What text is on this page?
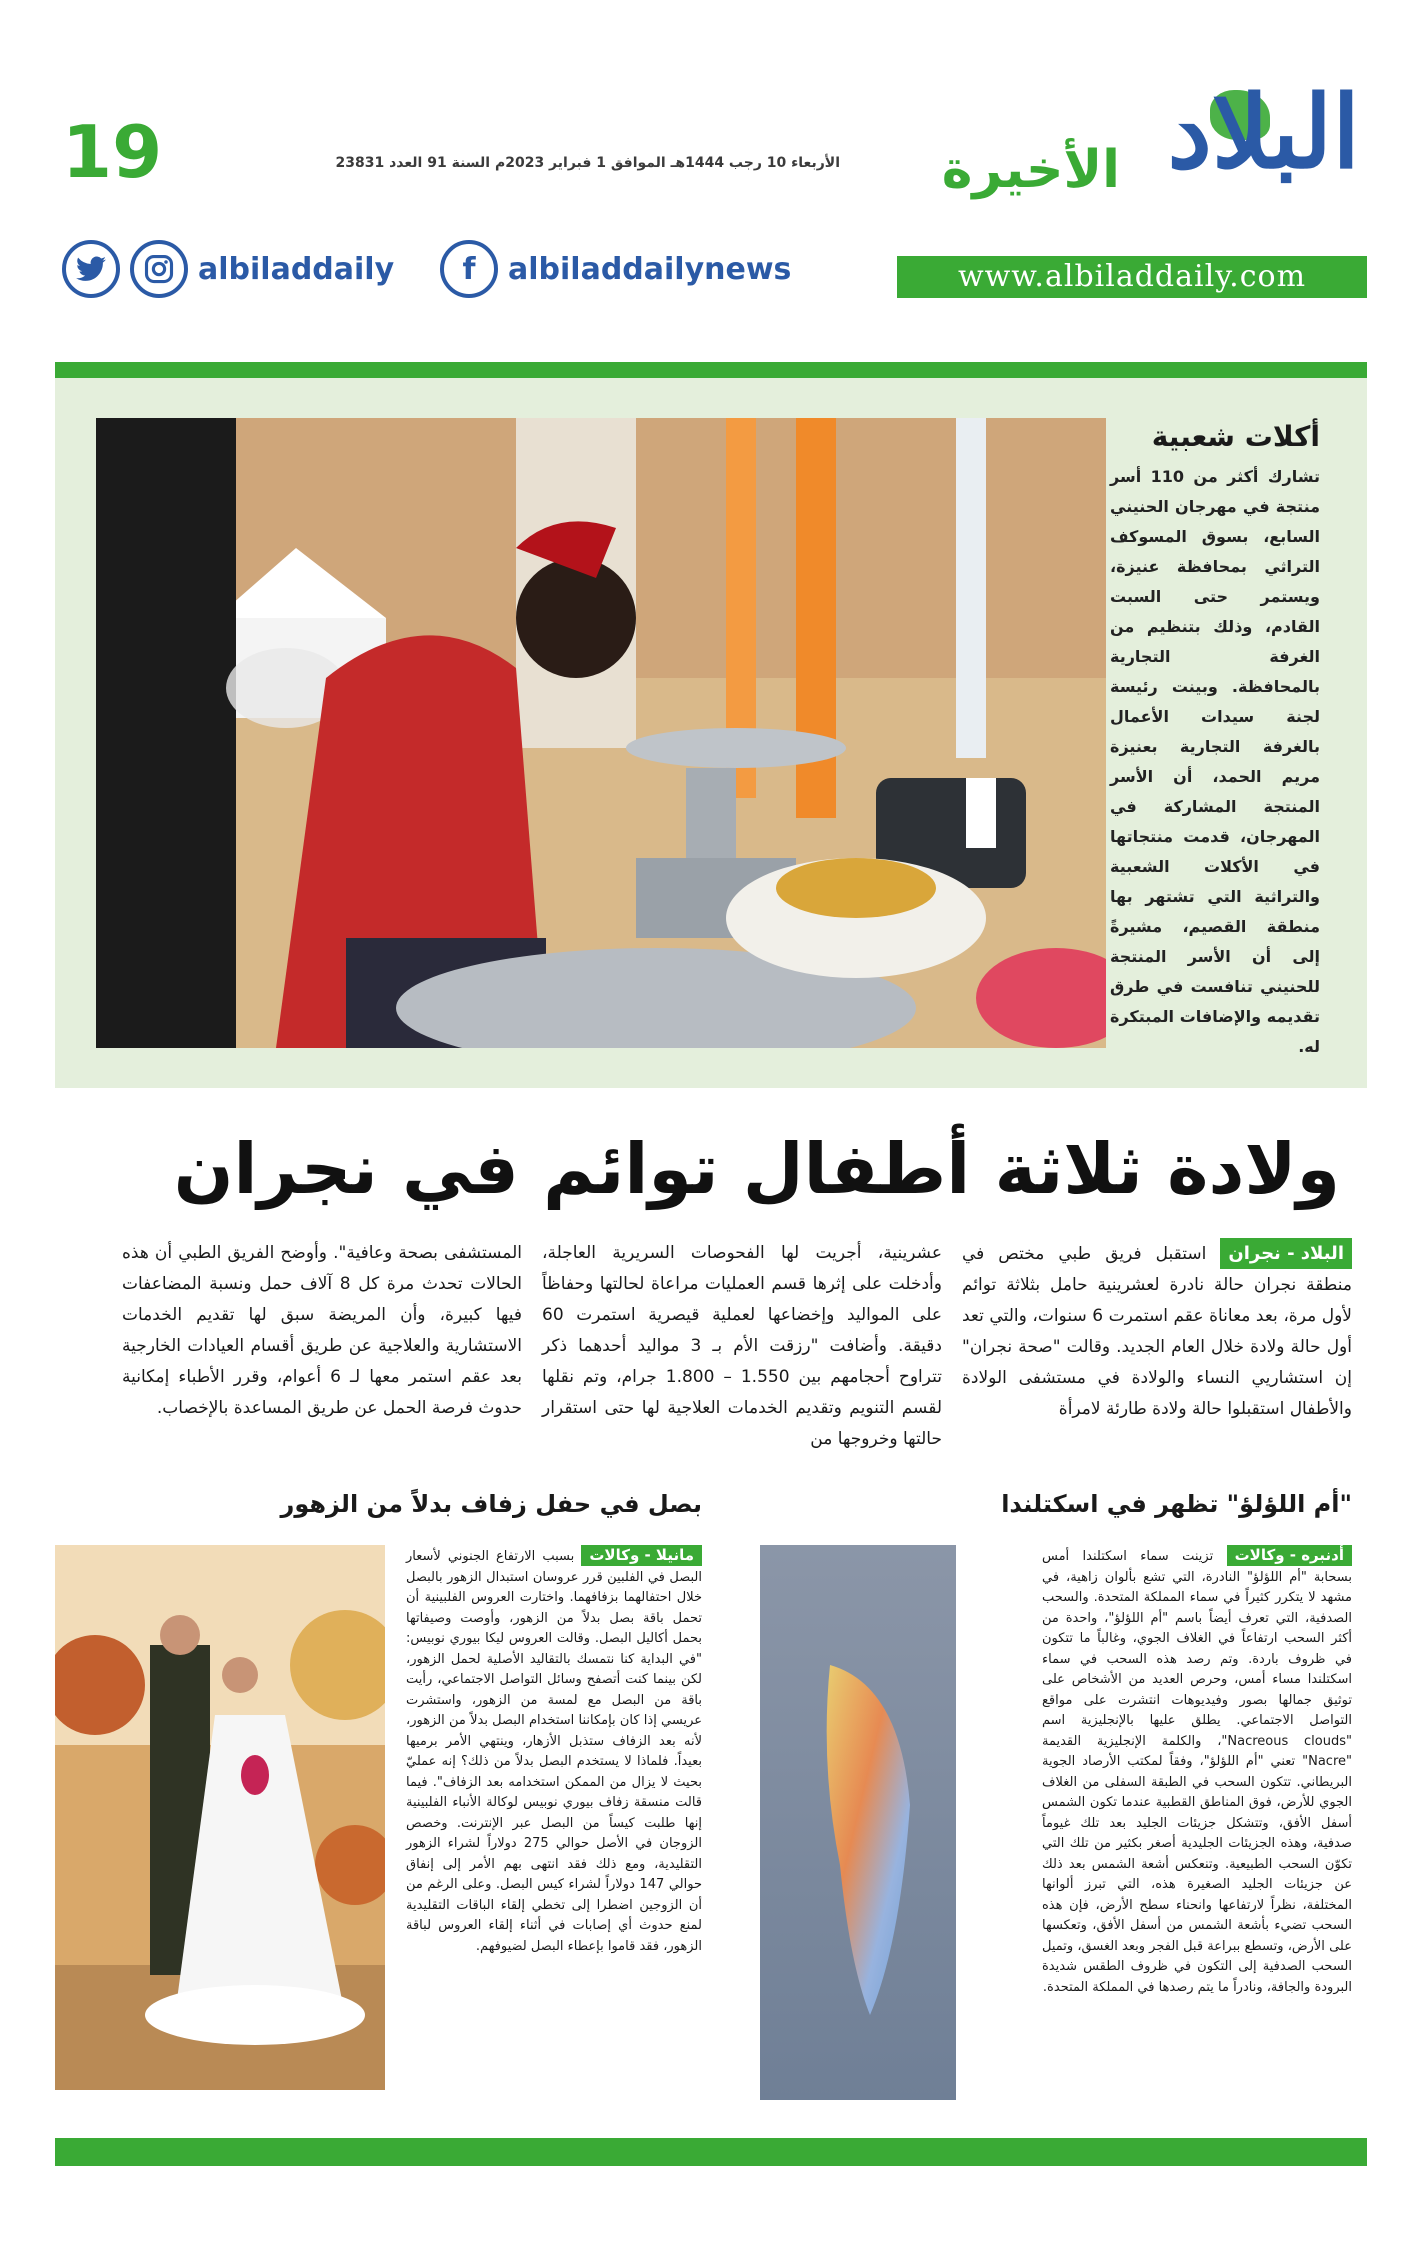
19	الأربعاء 10 رجب 1444هـ الموافق 1 فبراير 2023م السنة 91 العدد 23831	البلاد
الأخيرة
www.albiladdaily.com
f	albiladdailynews
albiladdaily
أكلات شعبية
تشارك أكثر من 110 أسر منتجة في مهرجان الحنيني السابع، بسوق المسوكف التراثي بمحافظة عنيزة، ويستمر حتى السبت القادم، وذلك بتنظيم من الغرفة التجارية بالمحافظة. وبينت رئيسة لجنة سيدات الأعمال بالغرفة التجارية بعنيزة مريم الحمد، أن الأسر المنتجة المشاركة في المهرجان، قدمت منتجاتها في الأكلات الشعبية والتراثية التي تشتهر بها منطقة القصيم، مشيرةً إلى أن الأسر المنتجة للحنيني تنافست في طرق تقديمه والإضافات المبتكرة له.
ولادة ثلاثة أطفال توائم في نجران
البلاد - نجران استقبل فريق طبي مختص في منطقة نجران حالة نادرة لعشرينية حامل بثلاثة توائم لأول مرة، بعد معاناة عقم استمرت 6 سنوات، والتي تعد أول حالة ولادة خلال العام الجديد. وقالت "صحة نجران" إن استشاريي النساء والولادة في مستشفى الولادة والأطفال استقبلوا حالة ولادة طارئة لامرأة
عشرينية، أجريت لها الفحوصات السريرية العاجلة، وأدخلت على إثرها قسم العمليات مراعاة لحالتها وحفاظاً على المواليد وإخضاعها لعملية قيصرية استمرت 60 دقيقة. وأضافت "رزقت الأم بـ 3 مواليد أحدهما ذكر تتراوح أحجامهم بين 1.550 – 1.800 جرام، وتم نقلها لقسم التنويم وتقديم الخدمات العلاجية لها حتى استقرار حالتها وخروجها من
المستشفى بصحة وعافية". وأوضح الفريق الطبي أن هذه الحالات تحدث مرة كل 8 آلاف حمل ونسبة المضاعفات فيها كبيرة، وأن المريضة سبق لها تقديم الخدمات الاستشارية والعلاجية عن طريق أقسام العيادات الخارجية بعد عقم استمر معها لـ 6 أعوام، وقرر الأطباء إمكانية حدوث فرصة الحمل عن طريق المساعدة بالإخصاب.
"أم اللؤلؤ" تظهر في اسكتلندا
أدنبره - وكالات تزينت سماء اسكتلندا أمس بسحابة "أم اللؤلؤ" النادرة، التي تشع بألوان زاهية، في مشهد لا يتكرر كثيراً في سماء المملكة المتحدة. والسحب الصدفية، التي تعرف أيضاً باسم "أم اللؤلؤ"، واحدة من أكثر السحب ارتفاعاً في الغلاف الجوي، وغالباً ما تتكون في ظروف باردة. وتم رصد هذه السحب في سماء اسكتلندا مساء أمس، وحرص العديد من الأشخاص على توثيق جمالها بصور وفيديوهات انتشرت على مواقع التواصل الاجتماعي. يطلق عليها بالإنجليزية اسم "Nacreous clouds"، والكلمة الإنجليزية القديمة "Nacre" تعني "أم اللؤلؤ"، وفقاً لمكتب الأرصاد الجوية البريطاني. تتكون السحب في الطبقة السفلى من الغلاف الجوي للأرض، فوق المناطق القطبية عندما تكون الشمس أسفل الأفق، وتتشكل جزيئات الجليد بعد تلك غيوماً صدفية، وهذه الجزيئات الجليدية أصغر بكثير من تلك التي تكوّن السحب الطبيعية. وتنعكس أشعة الشمس بعد ذلك عن جزيئات الجليد الصغيرة هذه، التي تبرز ألوانها المختلفة، نظراً لارتفاعها وانحناء سطح الأرض، فإن هذه السحب تضيء بأشعة الشمس من أسفل الأفق، وتعكسها على الأرض، وتسطع ببراعة قبل الفجر وبعد الغسق، وتميل السحب الصدفية إلى التكون في ظروف الطقس شديدة البرودة والجافة، ونادراً ما يتم رصدها في المملكة المتحدة.
بصل في حفل زفاف بدلاً من الزهور
مانيلا - وكالات بسبب الارتفاع الجنوني لأسعار البصل في الفلبين قرر عروسان استبدال الزهور بالبصل خلال احتفالهما بزفافهما. واختارت العروس الفلبينية أن تحمل باقة بصل بدلاً من الزهور، وأوصت وصيفاتها بحمل أكاليل البصل. وقالت العروس ليكا بيوري نوبيس: "في البداية كنا نتمسك بالتقاليد الأصلية لحمل الزهور، لكن بينما كنت أتصفح وسائل التواصل الاجتماعي، رأيت باقة من البصل مع لمسة من الزهور، واستشرت عريسي إذا كان بإمكاننا استخدام البصل بدلاً من الزهور، لأنه بعد الزفاف ستذبل الأزهار، وينتهي الأمر برميها بعيداً. فلماذا لا يستخدم البصل بدلاً من ذلك؟ إنه عمليّ بحيث لا يزال من الممكن استخدامه بعد الزفاف". فيما قالت منسقة زفاف بيوري نوبيس لوكالة الأنباء الفلبينية إنها طلبت كيساً من البصل عبر الإنترنت. وخصص الزوجان في الأصل حوالي 275 دولاراً لشراء الزهور التقليدية، ومع ذلك فقد انتهى بهم الأمر إلى إنفاق حوالي 147 دولاراً لشراء كيس البصل. وعلى الرغم من أن الزوجين اضطرا إلى تخطي إلقاء الباقات التقليدية لمنع حدوث أي إصابات في أثناء إلقاء العروس لباقة الزهور، فقد قاموا بإعطاء البصل لضيوفهم.
